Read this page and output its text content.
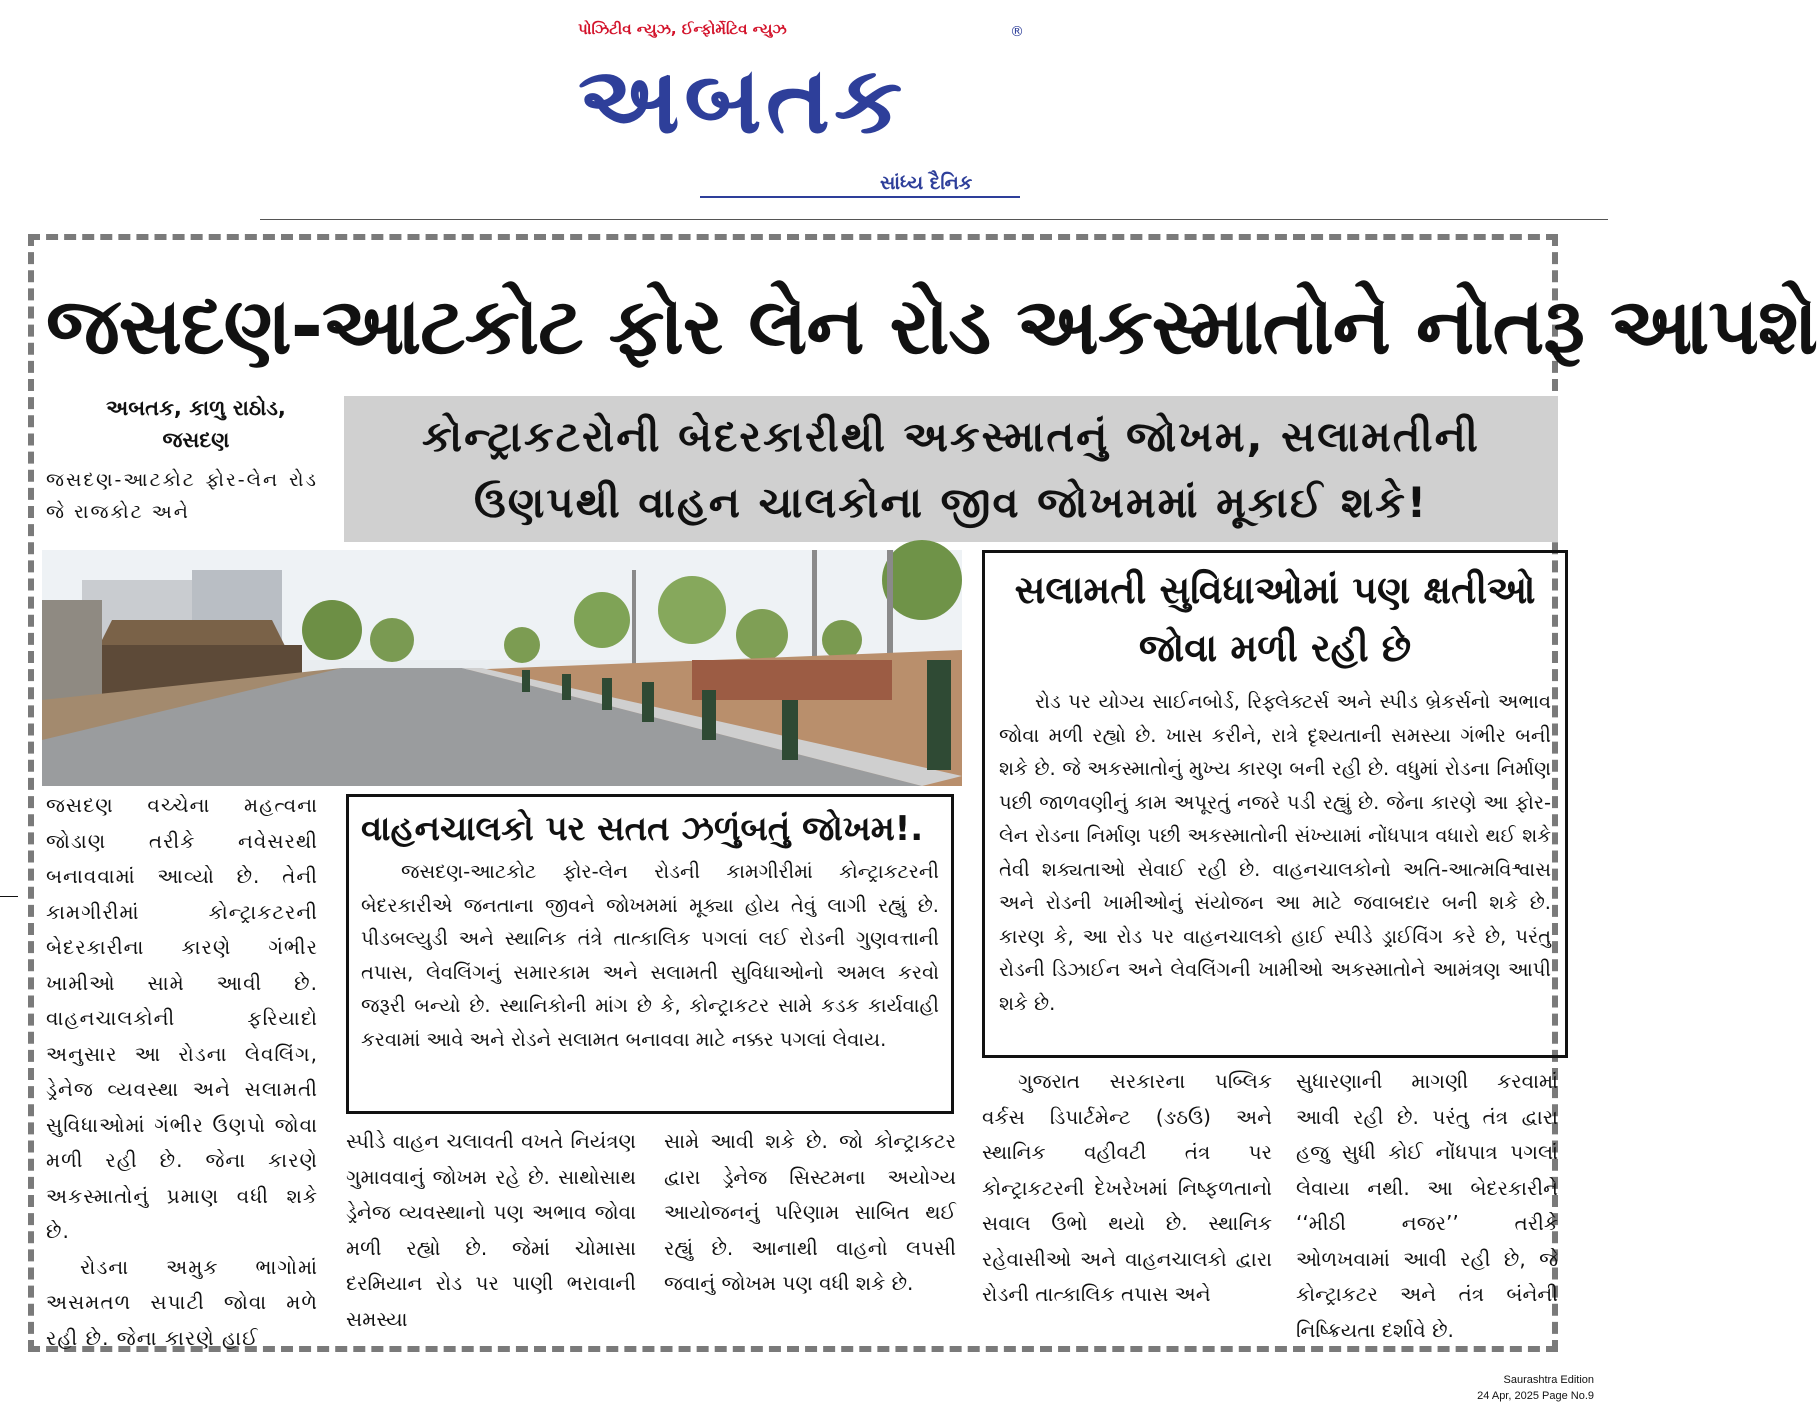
પોઝિટીવ ન્યુઝ, ઈન્ફોર્મેટિવ ન્યુઝ
અબતક
®
સાંધ્ય દૈનિક
જસદણ-આટકોટ ફોર લેન રોડ અકસ્માતોને નોતરૂ આપશે
અબતક, કાળુ રાઠોડ,
જસદણ
જસદણ-આટકોટ ફોર-લેન રોડ જે રાજકોટ અને
કોન્ટ્રાકટરોની બેદરકારીથી અકસ્માતનું જોખમ, સલામતીની ઉણપથી વાહન ચાલકોના જીવ જોખમમાં મૂકાઈ શકે!
જસદણ વચ્ચેના મહત્વના જોડાણ તરીકે નવેસરથી બનાવવામાં આવ્યો છે. તેની કામગીરીમાં કોન્ટ્રાકટરની બેદરકારીના કારણે ગંભીર ખામીઓ સામે આવી છે. વાહનચાલકોની ફરિયાદો અનુસાર આ રોડના લેવલિંગ, ડ્રેનેજ વ્યવસ્થા અને સલામતી સુવિધાઓમાં ગંભીર ઉણપો જોવા મળી રહી છે. જેના કારણે અકસ્માતોનું પ્રમાણ વધી શકે છે.
રોડના અમુક ભાગોમાં અસમતળ સપાટી જોવા મળે રહી છે. જેના કારણે હાઈ
વાહનચાલકો પર સતત ઝળુંબતું જોખમ!.
જસદણ-આટકોટ ફોર-લેન રોડની કામગીરીમાં કોન્ટ્રાકટરની બેદરકારીએ જનતાના જીવને જોખમમાં મૂક્યા હોય તેવું લાગી રહ્યું છે. પીડબલ્યુડી અને સ્થાનિક તંત્રે તાત્કાલિક પગલાં લઈ રોડની ગુણવત્તાની તપાસ, લેવલિંગનું સમારકામ અને સલામતી સુવિધાઓનો અમલ કરવો જરૂરી બન્યો છે. સ્થાનિકોની માંગ છે કે, કોન્ટ્રાકટર સામે કડક કાર્યવાહી કરવામાં આવે અને રોડને સલામત બનાવવા માટે નક્કર પગલાં લેવાય.
સ્પીડે વાહન ચલાવતી વખતે નિયંત્રણ ગુમાવવાનું જોખમ રહે છે. સાથોસાથ ડ્રેનેજ વ્યવસ્થાનો પણ અભાવ જોવા મળી રહ્યો છે. જેમાં ચોમાસા દરમિયાન રોડ પર પાણી ભરાવાની સમસ્યા
સામે આવી શકે છે. જો કોન્ટ્રાકટર દ્વારા ડ્રેનેજ સિસ્ટમના અયોગ્ય આયોજનનું પરિણામ સાબિત થઈ રહ્યું છે. આનાથી વાહનો લપસી જવાનું જોખમ પણ વધી શકે છે.
સલામતી સુવિધાઓમાં પણ ક્ષતીઓ જોવા મળી રહી છે
રોડ પર યોગ્ય સાઈનબોર્ડ, રિફ્લેક્ટર્સ અને સ્પીડ બ્રેકર્સનો અભાવ જોવા મળી રહ્યો છે. ખાસ કરીને, રાત્રે દૃશ્યતાની સમસ્યા ગંભીર બની શકે છે. જે અકસ્માતોનું મુખ્ય કારણ બની રહી છે. વધુમાં રોડના નિર્માણ પછી જાળવણીનું કામ અપૂરતું નજરે પડી રહ્યું છે. જેના કારણે આ ફોર-લેન રોડના નિર્માણ પછી અકસ્માતોની સંખ્યામાં નોંધપાત્ર વધારો થઈ શકે તેવી શક્યતાઓ સેવાઈ રહી છે. વાહનચાલકોનો અતિ-આત્મવિશ્વાસ અને રોડની ખામીઓનું સંયોજન આ માટે જવાબદાર બની શકે છે. કારણ કે, આ રોડ પર વાહનચાલકો હાઈ સ્પીડે ડ્રાઈવિંગ કરે છે, પરંતુ રોડની ડિઝાઈન અને લેવલિંગની ખામીઓ અકસ્માતોને આમંત્રણ આપી શકે છે.
ગુજરાત સરકારના પબ્લિક વર્કસ ડિપાર્ટમેન્ટ (ઙઠઉ) અને સ્થાનિક વહીવટી તંત્ર પર કોન્ટ્રાકટરની દેખરેખમાં નિષ્ફળતાનો સવાલ ઉભો થયો છે. સ્થાનિક રહેવાસીઓ અને વાહનચાલકો દ્વારા રોડની તાત્કાલિક તપાસ અને
સુધારણાની માગણી કરવામાં આવી રહી છે. પરંતુ તંત્ર દ્વારા હજુ સુધી કોઈ નોંધપાત્ર પગલાં લેવાયા નથી. આ બેદરકારીને ‘‘મીઠી નજર’’ તરીકે ઓળખવામાં આવી રહી છે, જે કોન્ટ્રાકટર અને તંત્ર બંનેની નિષ્ક્રિયતા દર્શાવે છે.
Saurashtra Edition
24 Apr, 2025 Page No.9
